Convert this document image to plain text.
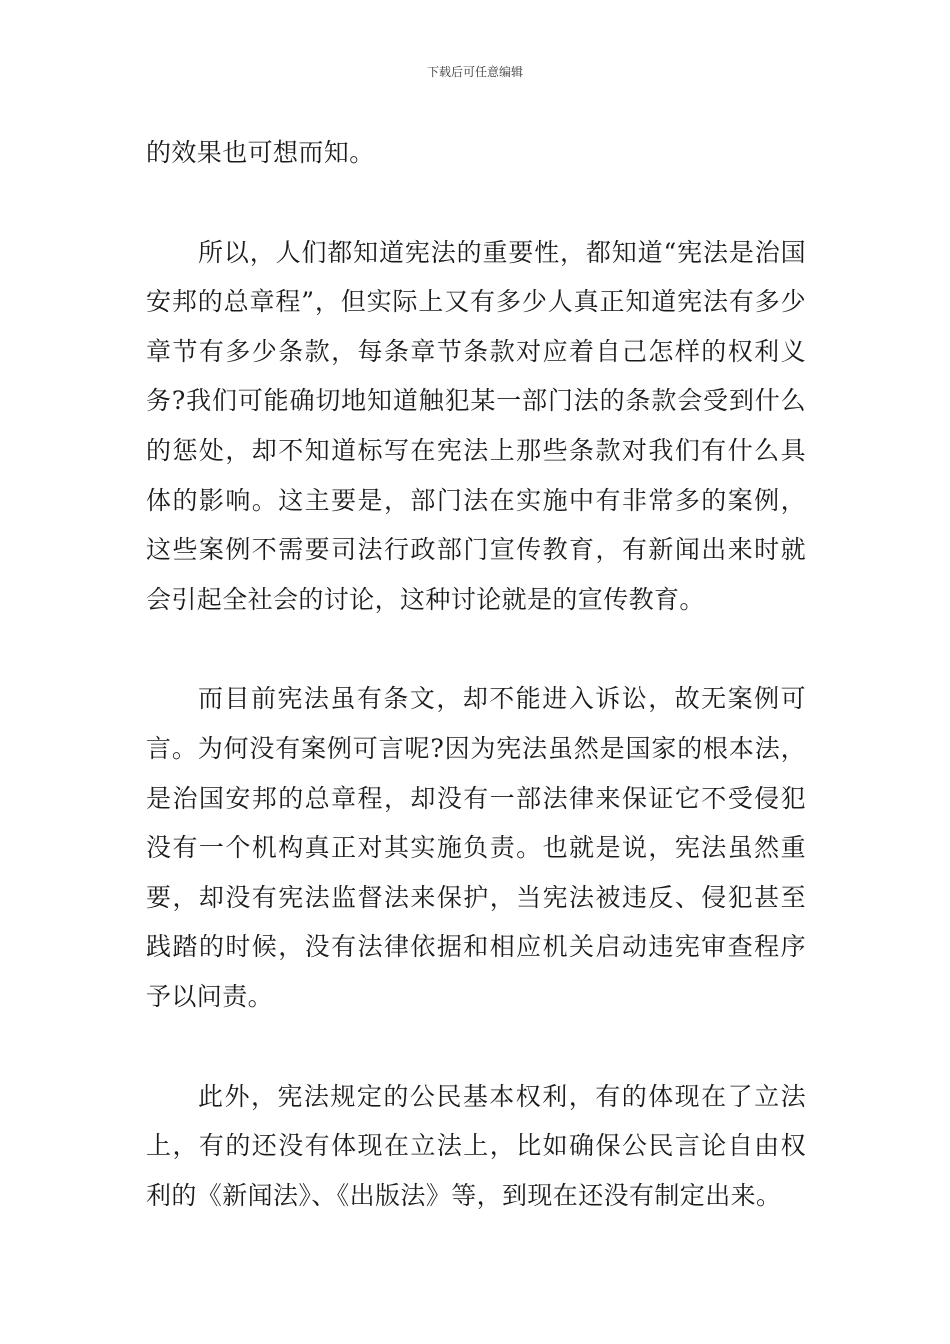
下载后可任意编辑

的效果也可想而知。

所以，人们都知道宪法的重要性，都知道“宪法是治国安邦的总章程”，但实际上又有多少人真正知道宪法有多少章节有多少条款，每条章节条款对应着自己怎样的权利义务?我们可能确切地知道触犯某一部门法的条款会受到什么的惩处，却不知道标写在宪法上那些条款对我们有什么具体的影响。这主要是，部门法在实施中有非常多的案例，这些案例不需要司法行政部门宣传教育，有新闻出来时就会引起全社会的讨论，这种讨论就是的宣传教育。

而目前宪法虽有条文，却不能进入诉讼，故无案例可言。为何没有案例可言呢?因为宪法虽然是国家的根本法，是治国安邦的总章程，却没有一部法律来保证它不受侵犯没有一个机构真正对其实施负责。也就是说，宪法虽然重要，却没有宪法监督法来保护，当宪法被违反、侵犯甚至践踏的时候，没有法律依据和相应机关启动违宪审查程序予以问责。

此外，宪法规定的公民基本权利，有的体现在了立法上，有的还没有体现在立法上，比如确保公民言论自由权利的《新闻法》、《出版法》等，到现在还没有制定出来。
